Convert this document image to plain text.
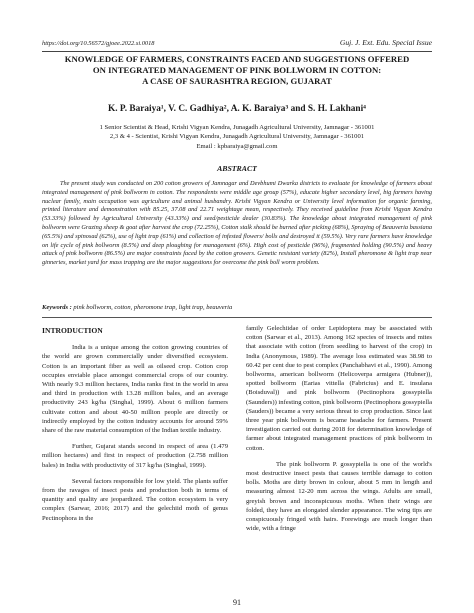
https://doi.org/10.56572/gjoee.2022.si.0018	Guj. J. Ext. Edu. Special Issue
KNOWLEDGE OF FARMERS, CONSTRAINTS FACED AND SUGGESTIONS OFFERED
ON INTEGRATED MANAGEMENT OF PINK BOLLWORM IN COTTON:
A CASE OF SAURASHTRA REGION, GUJARAT
K. P. Baraiya¹, V. C. Gadhiya², A. K. Baraiya³ and S. H. Lakhani⁴
1 Senior Scientist & Head, Krishi Vigyan Kendra, Junagadh Agricultural University, Jamnagar - 361001
2,3 & 4 - Scientist, Krishi Vigyan Kendra, Junagadh Agricultural University, Jamnagar - 361001
Email : kpbaraiya@gmail.com
ABSTRACT

The present study was conducted on 200 cotton growers of Jamnagar and Devbhumi Dwarka districts to evaluate for knowledge of farmers about integrated management of pink bollworm in cotton. The respondents were middle age group (57%), educate higher secondary level, big farmers having nuclear family, main occupation was agriculture and animal husbandry. Krishi Vigyan Kendra or University level information for organic farming, printed literature and demonstration with 85.25, 37.08 and 22.71 weightage mean, respectively. They received guideline from Krishi Vigyan Kendra (53.33%) followed by Agricultural University (43.33%) and seed/pesticide dealer (30.83%). The knowledge about integrated management of pink bollworm were Grazing sheep & goat after harvest the crop (72.25%), Cotton stalk should be burned after picking (68%), Spraying of Beauveria bassiana (65.5%) and spinosad (62%), use of light trap (61%) and collection of infested flowers/ bolls and destroyed it (59.5%). Very rare farmers have knowledge on life cycle of pink bollworm (8.5%) and deep ploughing for management (6%). High cost of pesticide (96%), fragmented holding (90.5%) and heavy attack of pink bollworm (86.5%) are major constraints faced by the cotton growers. Genetic resistant variety (82%), Install pheromone & light trap near ginneries, market yard for mass trapping are the major suggestions for overcome the pink boll worm problem.

Keywords : pink bollworm, cotton, pheromone trap, light trap, beauveria
INTRODUCTION

India is a unique among the cotton growing countries of the world are grown commercially under diversified ecosystem. Cotton is an important fiber as well as oilseed crop. Cotton crop occupies enviable place amongst commercial crops of our country. With nearly 9.3 million hectares, India ranks first in the world in area and third in production with 13.28 million bales, and an average productivity 243 kg/ha (Singhal, 1999). About 6 million farmers cultivate cotton and about 40-50 million people are directly or indirectly employed by the cotton industry accounts for around 59% share of the raw material consumption of the Indian textile industry.

Further, Gujarat stands second in respect of area (1.479 million hectares) and first in respect of production (2.758 million bales) in India with productivity of 317 kg/ha (Singhal, 1999).

Several factors responsible for low yield. The plants suffer from the ravages of insect pests and production both in terms of quantity and quality are jeopardized. The cotton ecosystem is very complex (Sarwar, 2016; 2017) and the gelechiid moth of genus Pectinophora in the

family Gelechiidae of order Lepidoptera may be associated with cotton (Sarwar et al., 2013). Among 162 species of insects and mites that associate with cotton (from seedling to harvest of the crop) in India (Anonymous, 1989). The average loss estimated was 38.98 to 60.42 per cent due to pest complex (Panchabhavi et al., 1990). Among bollworms, american bollworm (Helicoverpa armigera (Hubner)), spotted bollworm (Earias vittella (Fabricius) and E. insulana (Boisduval)) and pink bollworm (Pectinophora gossypiella (Saunders)) infesting cotton, pink bollworm (Pectinophora gossypiella (Sauders)) became a very serious threat to crop production. Since last three year pink bollworm is became headache for farmers. Present investigation carried out during 2018 for determination knowledge of farmer about integrated management practices of pink bollworm in cotton.

The pink bollworm P. gossypiella is one of the world's most destructive insect pests that causes terrible damage to cotton bolls. Moths are dirty brown in colour, about 5 mm in length and measuring almost 12-20 mm across the wings. Adults are small, greyish brown and inconspicuous moths. When their wings are folded, they have an elongated slender appearance. The wing tips are conspicuously fringed with hairs. Forewings are much longer than wide, with a fringe

91
